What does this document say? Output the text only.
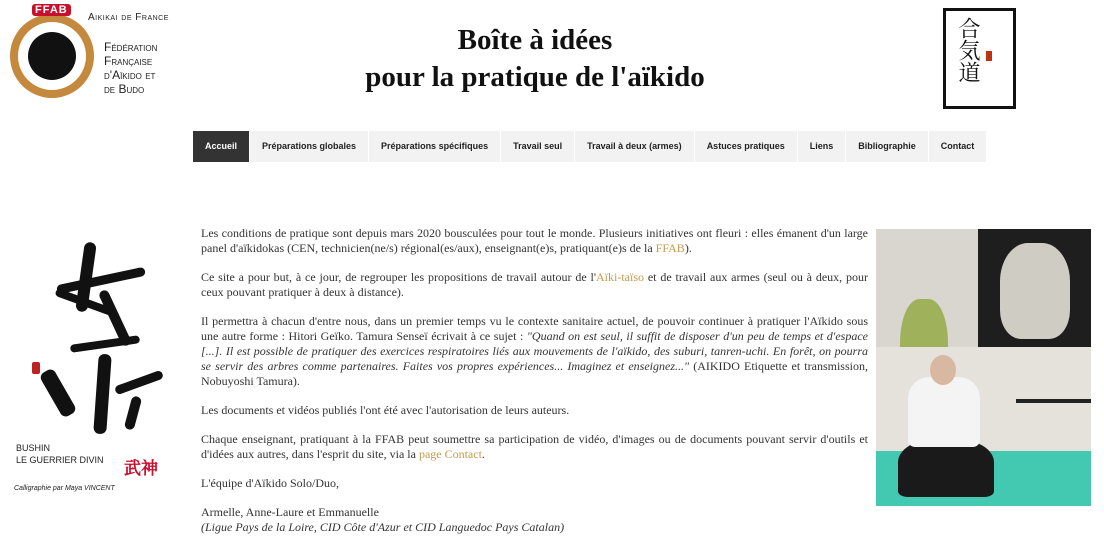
FFAB
Aikikai de France
Fédération
Française
d'Aïkido et
de Budo
Boîte à idées
pour la pratique de l'aïkido	合気道
Accueil	Préparations globales	Préparations spécifiques	Travail seul	Travail à deux (armes)	Astuces pratiques	Liens	Bibliographie	Contact
BUSHIN
LE GUERRIER DIVIN 武神
Calligraphie par Maya VINCENT

Les conditions de pratique sont depuis mars 2020 bousculées pour tout le monde. Plusieurs initiatives ont fleuri : elles émanent d'un large panel d'aïkidokas (CEN, technicien(ne/s) régional(es/aux), enseignant(e)s, pratiquant(e)s de la FFAB).

Ce site a pour but, à ce jour, de regrouper les propositions de travail autour de l'Aïki-taïso et de travail aux armes (seul ou à deux, pour ceux pouvant pratiquer à deux à distance).

Il permettra à chacun d'entre nous, dans un premier temps vu le contexte sanitaire actuel, de pouvoir continuer à pratiquer l'Aïkido sous une autre forme : Hitori Geïko. Tamura Senseï écrivait à ce sujet : "Quand on est seul, il suffit de disposer d'un peu de temps et d'espace [...]. Il est possible de pratiquer des exercices respiratoires liés aux mouvements de l'aïkido, des suburi, tanren-uchi. En forêt, on pourra se servir des arbres comme partenaires. Faites vos propres expériences... Imaginez et enseignez..." (AIKIDO Etiquette et transmission, Nobuyoshi Tamura).

Les documents et vidéos publiés l'ont été avec l'autorisation de leurs auteurs.

Chaque enseignant, pratiquant à la FFAB peut soumettre sa participation de vidéo, d'images ou de documents pouvant servir d'outils et d'idées aux autres, dans l'esprit du site, via la page Contact.

L'équipe d'Aïkido Solo/Duo,

Armelle, Anne-Laure et Emmanuelle

(Ligue Pays de la Loire, CID Côte d'Azur et CID Languedoc Pays Catalan)
